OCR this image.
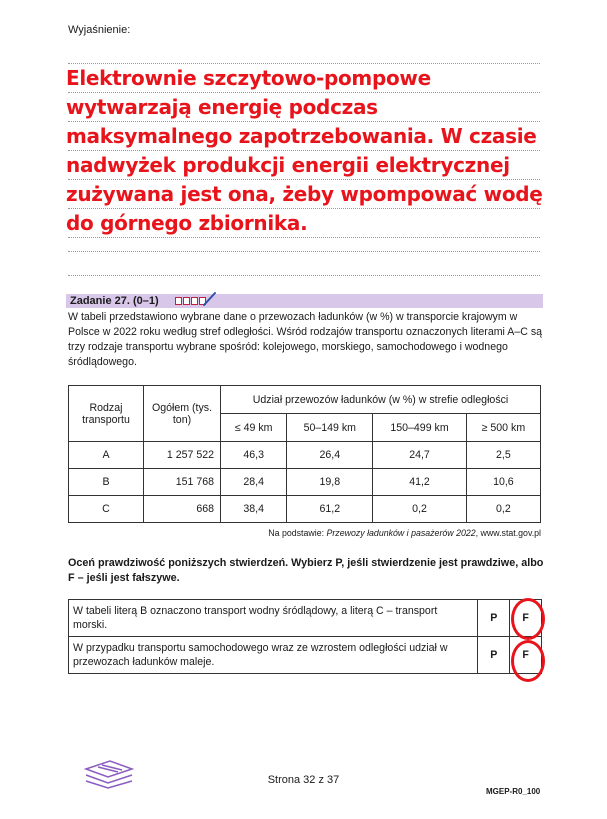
Wyjaśnienie:
Elektrownie szczytowo-pompowe wytwarzają energię podczas maksymalnego zapotrzebowania. W czasie nadwyżek produkcji energii elektrycznej zużywana jest ona, żeby wpompować wodę do górnego zbiornika.
Zadanie 27. (0–1)
W tabeli przedstawiono wybrane dane o przewozach ładunków (w %) w transporcie krajowym w Polsce w 2022 roku według stref odległości. Wśród rodzajów transportu oznaczonych literami A–C są trzy rodzaje transportu wybrane spośród: kolejowego, morskiego, samochodowego i wodnego śródlądowego.
Rodzaj transportu	Ogółem (tys. ton)	Udział przewozów ładunków (w %) w strefie odległości			
		≤ 49 km	50–149 km	150–499 km	≥ 500 km
A	1 257 522	46,3	26,4	24,7	2,5
B	151 768	28,4	19,8	41,2	10,6
C	668	38,4	61,2	0,2	0,2
Na podstawie: Przewozy ładunków i pasażerów 2022, www.stat.gov.pl
Oceń prawdziwość poniższych stwierdzeń. Wybierz P, jeśli stwierdzenie jest prawdziwe, albo F – jeśli jest fałszywe.
W tabeli literą B oznaczono transport wodny śródlądowy, a literą C – transport morski.	P	F
W przypadku transportu samochodowego wraz ze wzrostem odległości udział w przewozach ładunków maleje.	P	F
Strona 32 z 37
MGEP-R0_100
